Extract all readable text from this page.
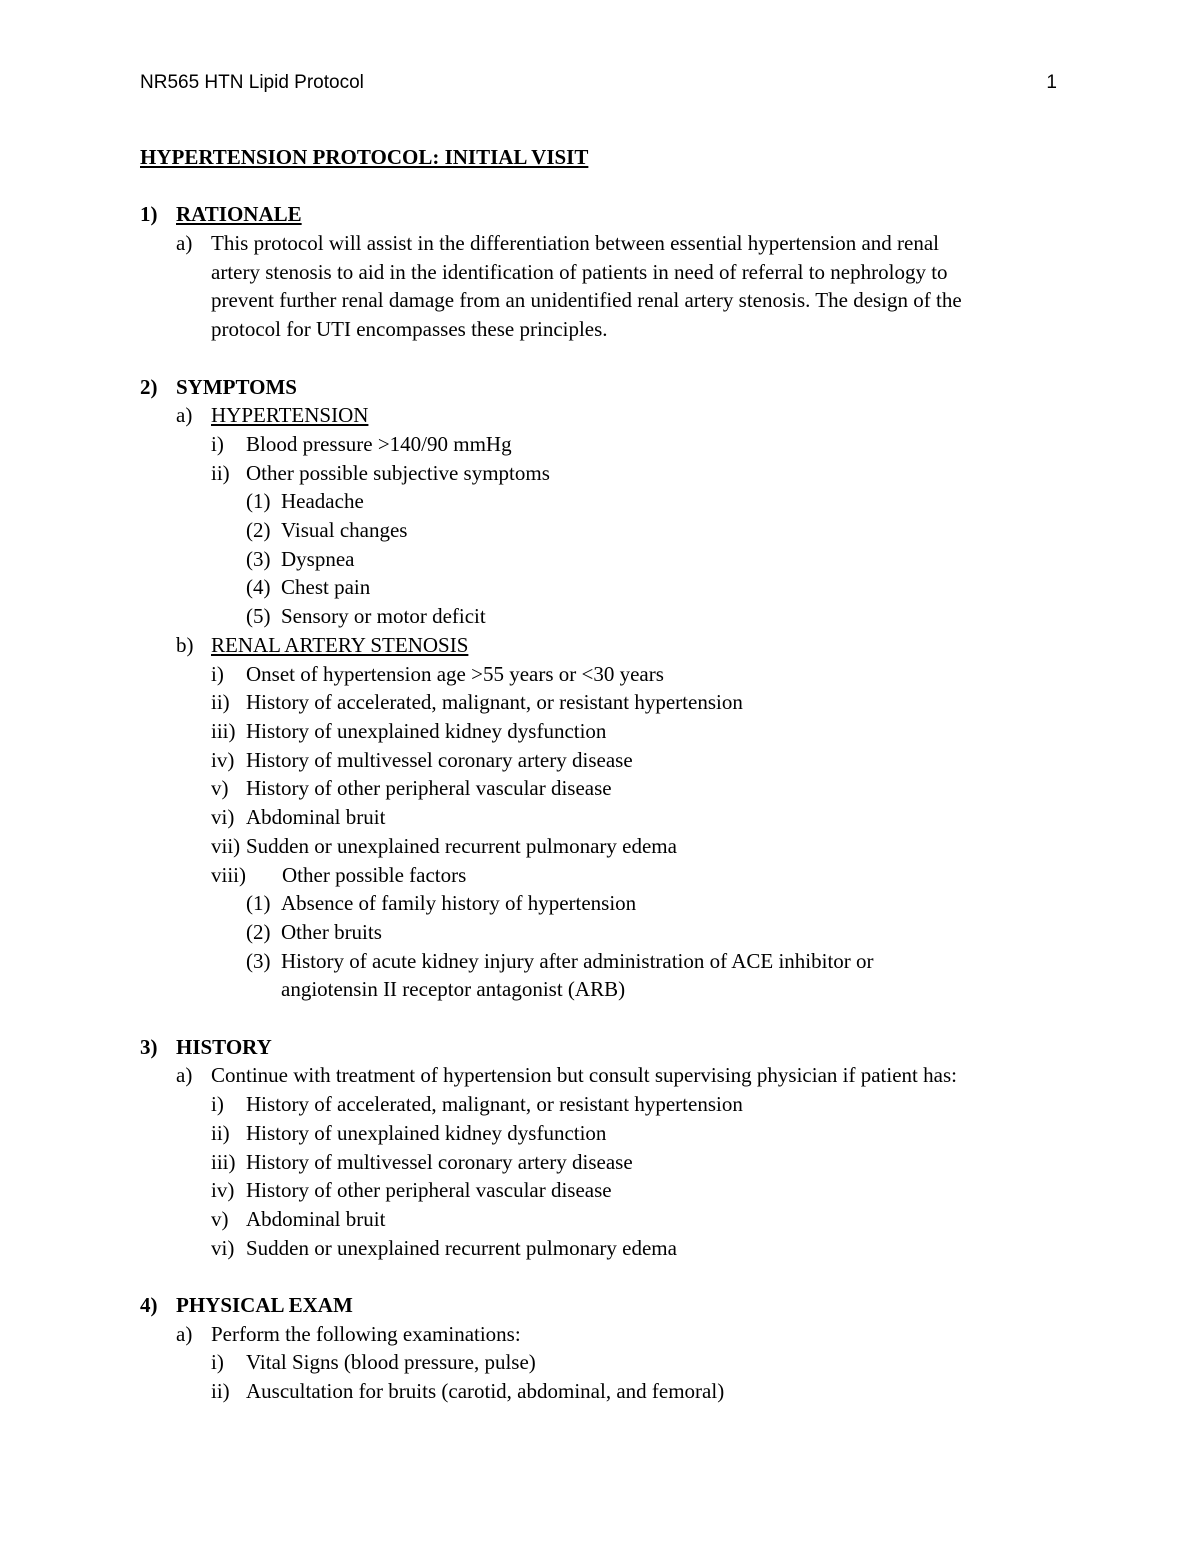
NR565 HTN Lipid Protocol	1
HYPERTENSION PROTOCOL: INITIAL VISIT
1) RATIONALE
a) This protocol will assist in the differentiation between essential hypertension and renal
artery stenosis to aid in the identification of patients in need of referral to nephrology to
prevent further renal damage from an unidentified renal artery stenosis. The design of the
protocol for UTI encompasses these principles.
2) SYMPTOMS
a) HYPERTENSION
i)	Blood pressure >140/90 mmHg
ii) Other possible subjective symptoms
(1) Headache
(2) Visual changes
(3) Dyspnea
(4) Chest pain
(5) Sensory or motor deficit
b) RENAL ARTERY STENOSIS
i)	Onset of hypertension age >55 years or <30 years
ii) History of accelerated, malignant, or resistant hypertension
iii) History of unexplained kidney dysfunction
iv) History of multivessel coronary artery disease
v) History of other peripheral vascular disease
vi) Abdominal bruit
vii) Sudden or unexplained recurrent pulmonary edema
viii)	Other possible factors
(1) Absence of family history of hypertension
(2) Other bruits
(3) History of acute kidney injury after administration of ACE inhibitor or
angiotensin II receptor antagonist (ARB)
3) HISTORY
a) Continue with treatment of hypertension but consult supervising physician if patient has:
i)	History of accelerated, malignant, or resistant hypertension
ii) History of unexplained kidney dysfunction
iii) History of multivessel coronary artery disease
iv) History of other peripheral vascular disease
v) Abdominal bruit
vi) Sudden or unexplained recurrent pulmonary edema
4) PHYSICAL EXAM
a) Perform the following examinations:
i)	Vital Signs (blood pressure, pulse)
ii) Auscultation for bruits (carotid, abdominal, and femoral)
